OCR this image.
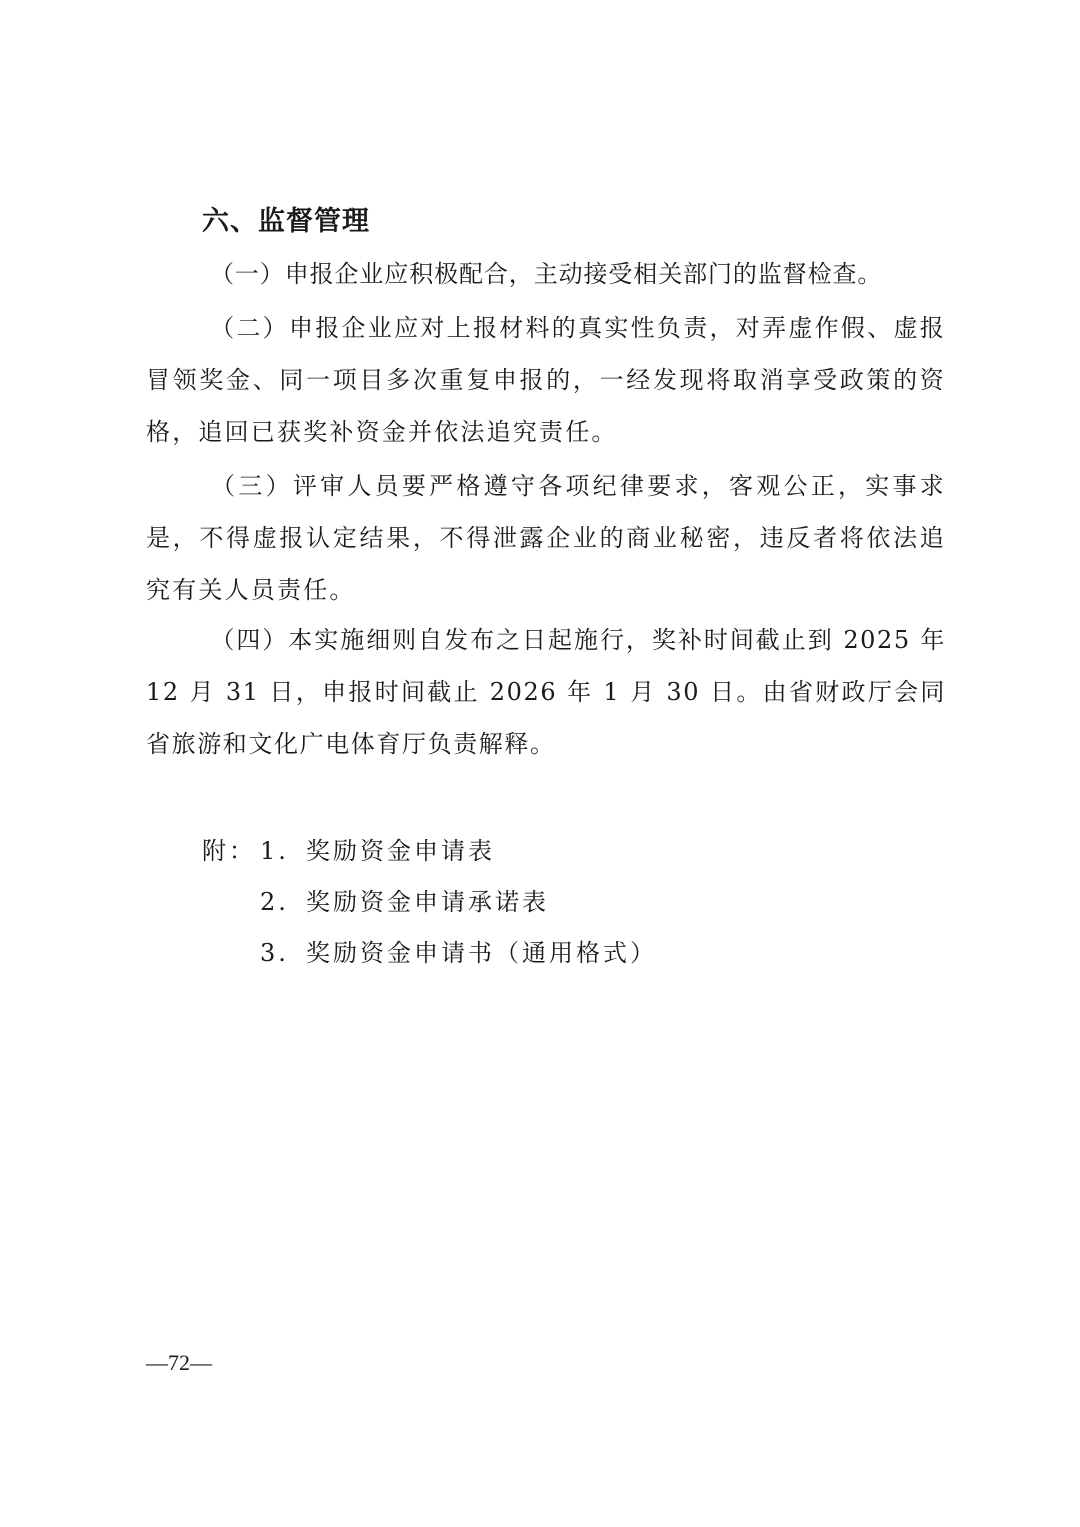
六、监督管理

（一）申报企业应积极配合，主动接受相关部门的监督检查。

（二）申报企业应对上报材料的真实性负责，对弄虚作假、虚报冒领奖金、同一项目多次重复申报的，一经发现将取消享受政策的资格，追回已获奖补资金并依法追究责任。

（三）评审人员要严格遵守各项纪律要求，客观公正，实事求是，不得虚报认定结果，不得泄露企业的商业秘密，违反者将依法追究有关人员责任。

（四）本实施细则自发布之日起施行，奖补时间截止到 2025 年 12 月 31 日，申报时间截止 2026 年 1 月 30 日。由省财政厅会同省旅游和文化广电体育厅负责解释。

附： 1. 奖励资金申请表
2. 奖励资金申请承诺表
3. 奖励资金申请书（通用格式）
—72—
